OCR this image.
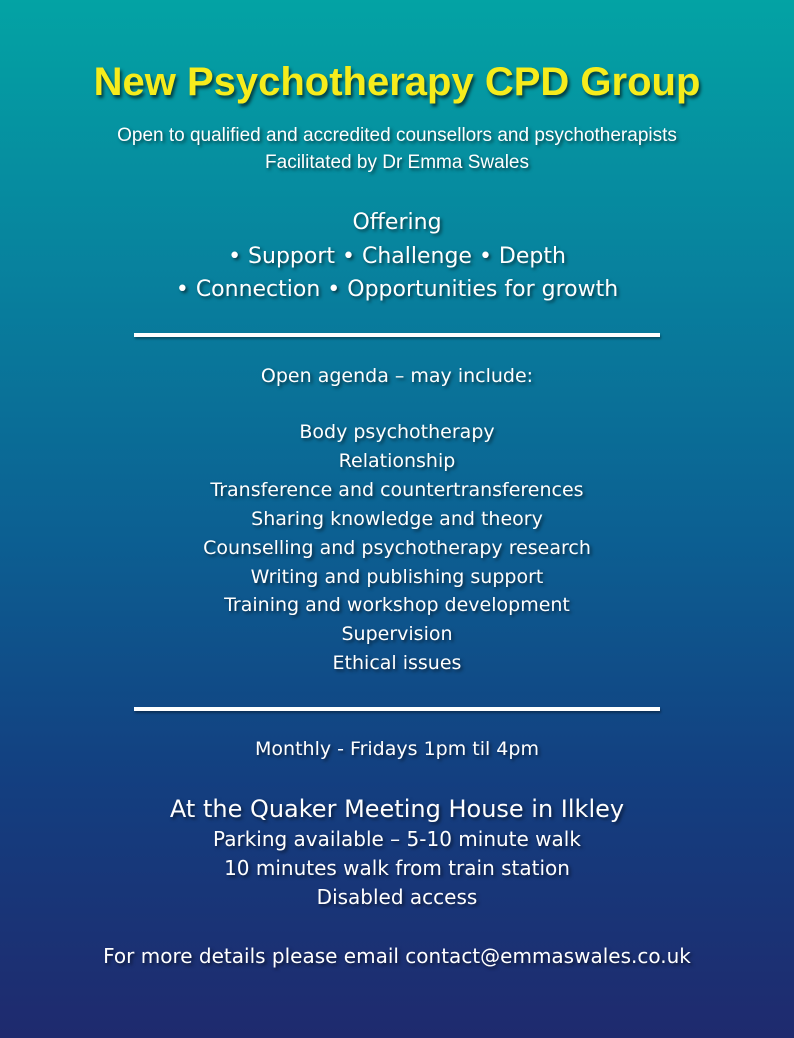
New Psychotherapy CPD Group
Open to qualified and accredited counsellors and psychotherapists
Facilitated by Dr Emma Swales
Offering
• Support • Challenge • Depth
• Connection • Opportunities for growth
Open agenda – may include:
Body psychotherapy
Relationship
Transference and countertransferences
Sharing knowledge and theory
Counselling and psychotherapy research
Writing and publishing support
Training and workshop development
Supervision
Ethical issues
Monthly - Fridays 1pm til 4pm
At the Quaker Meeting House in Ilkley
Parking available – 5-10 minute walk
10 minutes walk from train station
Disabled access
For more details please email contact@emmaswales.co.uk
